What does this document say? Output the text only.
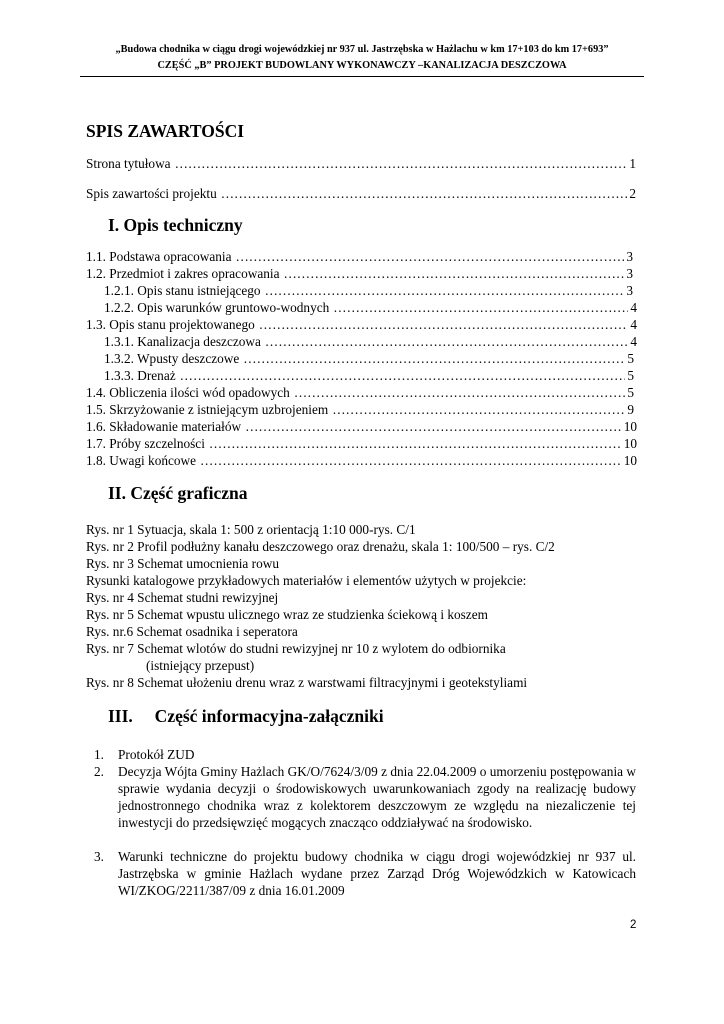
„Budowa chodnika w ciągu drogi wojewódzkiej nr 937 ul. Jastrzębska w Hażlachu w km 17+103 do km 17+693”
CZĘŚĆ „B” PROJEKT BUDOWLANY WYKONAWCZY –KANALIZACJA DESZCZOWA
SPIS ZAWARTOŚCI
Strona tytułowa ……………………………………………………………………………………………………………………………………………………………………	1
Spis zawartości projektu ……………………………………………………………………………………………………………………………………………………………………	2
I. Opis techniczny
1.1. Podstawa opracowania ……………………………………………………………………………………………………………………………………………………………………	3
1.2. Przedmiot i zakres opracowania ……………………………………………………………………………………………………………………………………………………………………	3
1.2.1. Opis stanu istniejącego ……………………………………………………………………………………………………………………………………………………………………	3
1.2.2. Opis warunków gruntowo-wodnych ……………………………………………………………………………………………………………………………………………………………………	4
1.3. Opis stanu projektowanego ……………………………………………………………………………………………………………………………………………………………………	4
1.3.1. Kanalizacja deszczowa ……………………………………………………………………………………………………………………………………………………………………	4
1.3.2. Wpusty deszczowe ……………………………………………………………………………………………………………………………………………………………………	5
1.3.3. Drenaż ……………………………………………………………………………………………………………………………………………………………………	5
1.4. Obliczenia ilości wód opadowych ……………………………………………………………………………………………………………………………………………………………………	5
1.5. Skrzyżowanie z istniejącym uzbrojeniem ……………………………………………………………………………………………………………………………………………………………………	9
1.6. Składowanie materiałów ……………………………………………………………………………………………………………………………………………………………………	10
1.7. Próby szczelności ……………………………………………………………………………………………………………………………………………………………………	10
1.8. Uwagi końcowe ……………………………………………………………………………………………………………………………………………………………………	10
II. Część graficzna
Rys. nr 1 Sytuacja, skala 1: 500 z orientacją 1:10 000-rys. C/1
Rys. nr 2 Profil podłużny kanału deszczowego oraz drenażu, skala 1: 100/500 – rys. C/2
Rys. nr 3 Schemat umocnienia rowu
Rysunki katalogowe przykładowych materiałów i elementów użytych w projekcie:
Rys. nr 4 Schemat studni rewizyjnej
Rys. nr 5 Schemat wpustu ulicznego wraz ze studzienka ściekową i koszem
Rys. nr.6 Schemat osadnika i seperatora
Rys. nr 7 Schemat wlotów do studni rewizyjnej nr 10 z wylotem do odbiornika
(istniejący przepust)
Rys. nr 8 Schemat ułożeniu drenu wraz z warstwami filtracyjnymi i geotekstyliami
III.     Część informacyjna-załączniki
1. Protokół ZUD
2. Decyzja Wójta Gminy Hażlach GK/O/7624/3/09 z dnia 22.04.2009 o umorzeniu postępowania w sprawie wydania decyzji o środowiskowych uwarunkowaniach zgody na realizację budowy jednostronnego chodnika wraz z kolektorem deszczowym ze względu na niezaliczenie tej inwestycji do przedsięwzięć mogących znacząco oddziaływać na środowisko.
3. Warunki techniczne do projektu budowy chodnika w ciągu drogi wojewódzkiej nr 937 ul. Jastrzębska w gminie Hażlach wydane przez Zarząd Dróg Wojewódzkich w Katowicach WI/ZKOG/2211/387/09 z dnia 16.01.2009
2
